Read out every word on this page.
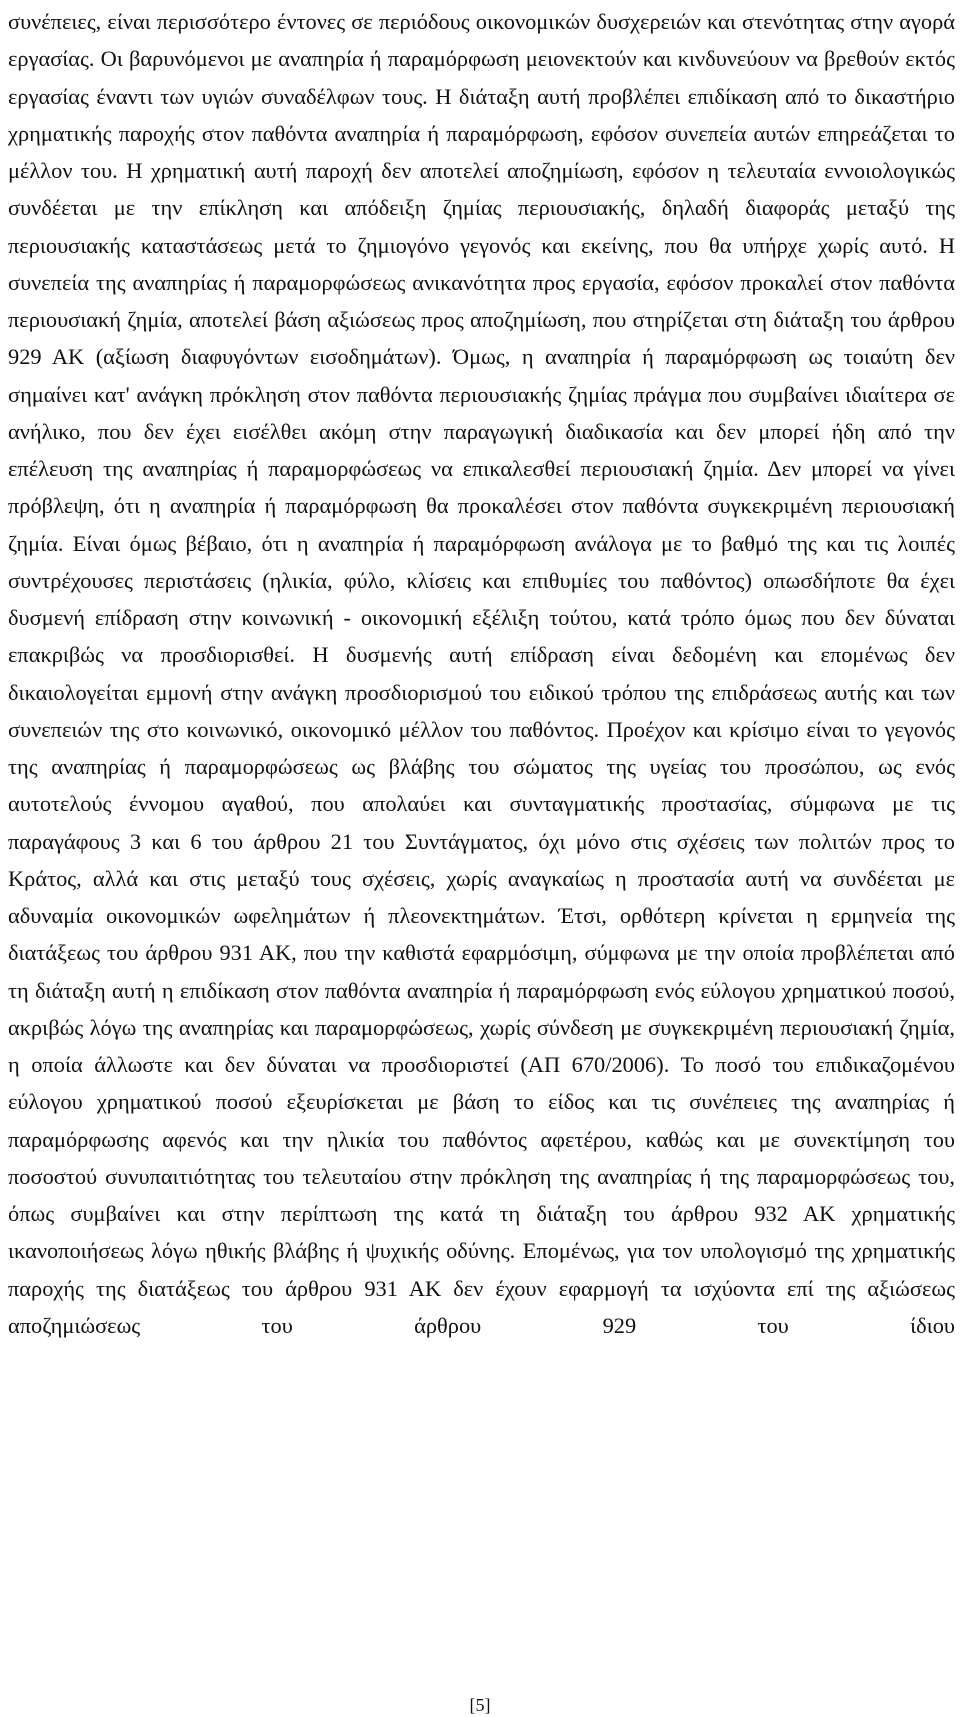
συνέπειες, είναι περισσότερο έντονες σε περιόδους οικονομικών δυσχερειών και στενότητας στην αγορά εργασίας. Οι βαρυνόμενοι με αναπηρία ή παραμόρφωση μειονεκτούν και κινδυνεύουν να βρεθούν εκτός εργασίας έναντι των υγιών συναδέλφων τους. Η διάταξη αυτή προβλέπει επιδίκαση από το δικαστήριο χρηματικής παροχής στον παθόντα αναπηρία ή παραμόρφωση, εφόσον συνεπεία αυτών επηρεάζεται το μέλλον του. Η χρηματική αυτή παροχή δεν αποτελεί αποζημίωση, εφόσον η τελευταία εννοιολογικώς συνδέεται με την επίκληση και απόδειξη ζημίας περιουσιακής, δηλαδή διαφοράς μεταξύ της περιουσιακής καταστάσεως μετά το ζημιογόνο γεγονός και εκείνης, που θα υπήρχε χωρίς αυτό. Η συνεπεία της αναπηρίας ή παραμορφώσεως ανικανότητα προς εργασία, εφόσον προκαλεί στον παθόντα περιουσιακή ζημία, αποτελεί βάση αξιώσεως προς αποζημίωση, που στηρίζεται στη διάταξη του άρθρου 929 ΑΚ (αξίωση διαφυγόντων εισοδημάτων). Όμως, η αναπηρία ή παραμόρφωση ως τοιαύτη δεν σημαίνει κατ' ανάγκη πρόκληση στον παθόντα περιουσιακής ζημίας πράγμα που συμβαίνει ιδιαίτερα σε ανήλικο, που δεν έχει εισέλθει ακόμη στην παραγωγική διαδικασία και δεν μπορεί ήδη από την επέλευση της αναπηρίας ή παραμορφώσεως να επικαλεσθεί περιουσιακή ζημία. Δεν μπορεί να γίνει πρόβλεψη, ότι η αναπηρία ή παραμόρφωση θα προκαλέσει στον παθόντα συγκεκριμένη περιουσιακή ζημία. Είναι όμως βέβαιο, ότι η αναπηρία ή παραμόρφωση ανάλογα με το βαθμό της και τις λοιπές συντρέχουσες περιστάσεις (ηλικία, φύλο, κλίσεις και επιθυμίες του παθόντος) οπωσδήποτε θα έχει δυσμενή επίδραση στην κοινωνική - οικονομική εξέλιξη τούτου, κατά τρόπο όμως που δεν δύναται επακριβώς να προσδιορισθεί. Η δυσμενής αυτή επίδραση είναι δεδομένη και επομένως δεν δικαιολογείται εμμονή στην ανάγκη προσδιορισμού του ειδικού τρόπου της επιδράσεως αυτής και των συνεπειών της στο κοινωνικό, οικονομικό μέλλον του παθόντος. Προέχον και κρίσιμο είναι το γεγονός της αναπηρίας ή παραμορφώσεως ως βλάβης του σώματος της υγείας του προσώπου, ως ενός αυτοτελούς έννομου αγαθού, που απολαύει και συνταγματικής προστασίας, σύμφωνα με τις παραγάφους 3 και 6 του άρθρου 21 του Συντάγματος, όχι μόνο στις σχέσεις των πολιτών προς το Κράτος, αλλά και στις μεταξύ τους σχέσεις, χωρίς αναγκαίως η προστασία αυτή να συνδέεται με αδυναμία οικονομικών ωφελημάτων ή πλεονεκτημάτων. Έτσι, ορθότερη κρίνεται η ερμηνεία της διατάξεως του άρθρου 931 ΑΚ, που την καθιστά εφαρμόσιμη, σύμφωνα με την οποία προβλέπεται από τη διάταξη αυτή η επιδίκαση στον παθόντα αναπηρία ή παραμόρφωση ενός εύλογου χρηματικού ποσού, ακριβώς λόγω της αναπηρίας και παραμορφώσεως, χωρίς σύνδεση με συγκεκριμένη περιουσιακή ζημία, η οποία άλλωστε και δεν δύναται να προσδιοριστεί (ΑΠ 670/2006). Το ποσό του επιδικαζομένου εύλογου χρηματικού ποσού εξευρίσκεται με βάση το είδος και τις συνέπειες της αναπηρίας ή παραμόρφωσης αφενός και την ηλικία του παθόντος αφετέρου, καθώς και με συνεκτίμηση του ποσοστού συνυπαιτιότητας του τελευταίου στην πρόκληση της αναπηρίας ή της παραμορφώσεως του, όπως συμβαίνει και στην περίπτωση της κατά τη διάταξη του άρθρου 932 ΑΚ χρηματικής ικανοποιήσεως λόγω ηθικής βλάβης ή ψυχικής οδύνης. Επομένως, για τον υπολογισμό της χρηματικής παροχής της διατάξεως του άρθρου 931 ΑΚ δεν έχουν εφαρμογή τα ισχύοντα επί της αξιώσεως αποζημιώσεως του άρθρου 929 του ίδιου

[5]
